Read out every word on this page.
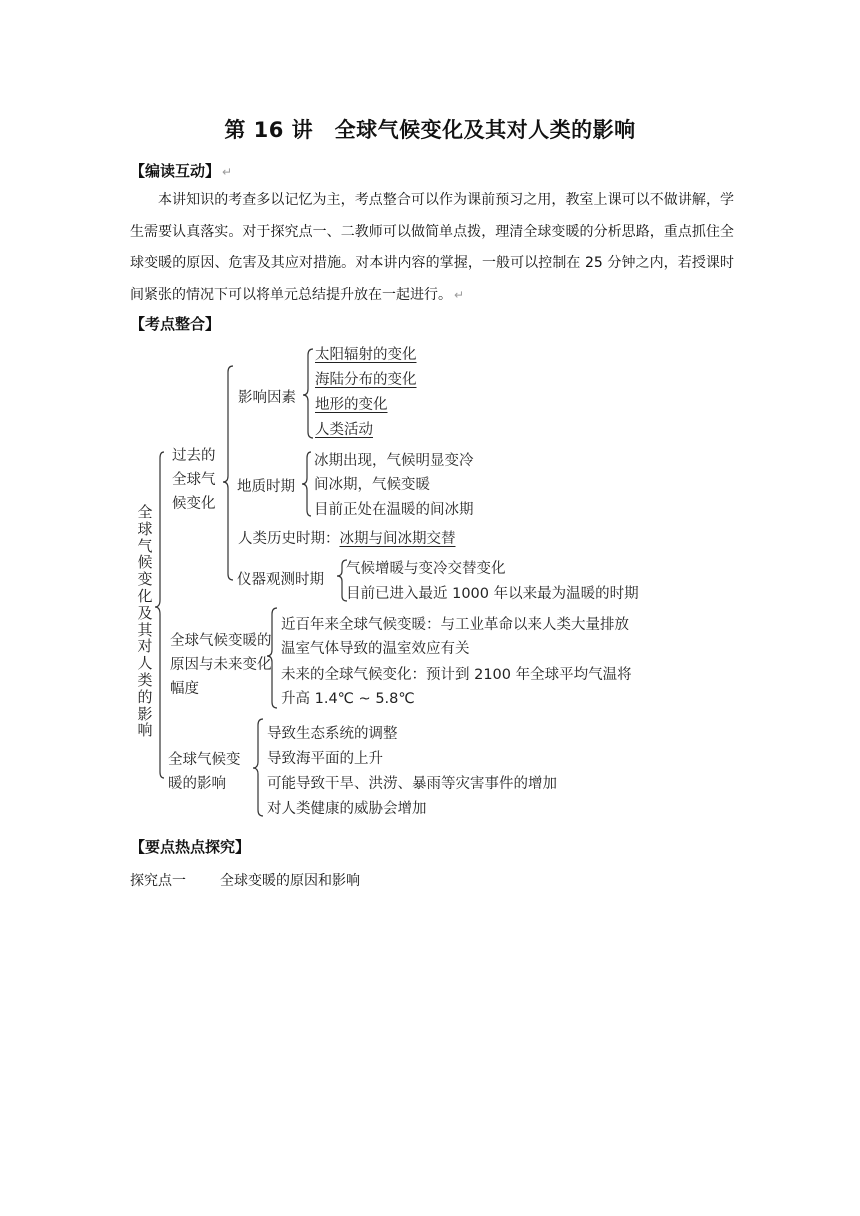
第 16 讲　全球气候变化及其对人类的影响
【编读互动】 ↵
本讲知识的考查多以记忆为主，考点整合可以作为课前预习之用，教室上课可以不做讲解，学生需要认真落实。对于探究点一、二教师可以做简单点拨，理清全球变暖的分析思路，重点抓住全球变暖的原因、危害及其应对措施。对本讲内容的掌握，一般可以控制在 25 分钟之内，若授课时间紧张的情况下可以将单元总结提升放在一起进行。 ↵
【考点整合】
全球气候变化及其对人类的影响
过去的全球气候变化
影响因素
太阳辐射的变化
海陆分布的变化
地形的变化
人类活动
地质时期
冰期出现，气候明显变冷
间冰期，气候变暖
目前正处在温暖的间冰期
人类历史时期：冰期与间冰期交替
仪器观测时期
气候增暖与变冷交替变化
目前已进入最近 1000 年以来最为温暖的时期
全球气候变暖的原因与未来变化幅度
近百年来全球气候变暖：与工业革命以来人类大量排放
温室气体导致的温室效应有关
未来的全球气候变化：预计到 2100 年全球平均气温将
升高 1.4℃ ~ 5.8℃
全球气候变暖的影响
导致生态系统的调整
导致海平面的上升
可能导致干旱、洪涝、暴雨等灾害事件的增加
对人类健康的威胁会增加
【要点热点探究】
探究点一 全球变暖的原因和影响
